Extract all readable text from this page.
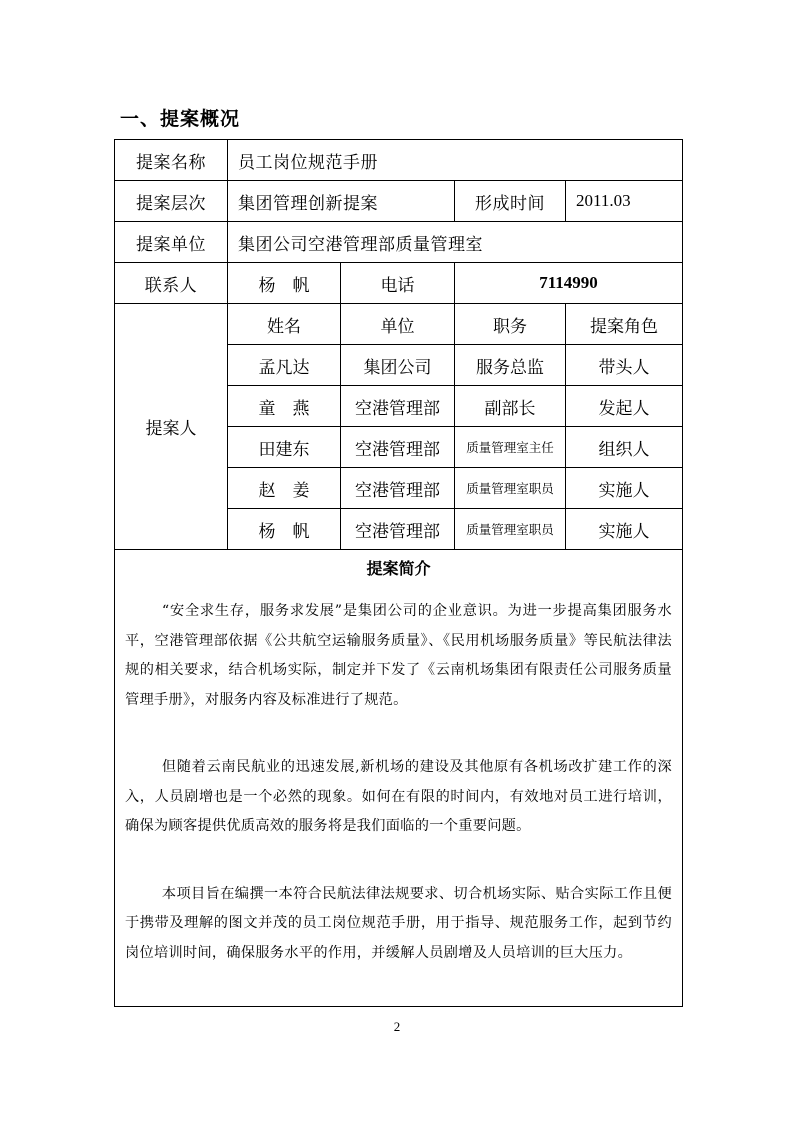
一、提案概况
提案名称	员工岗位规范手册			
提案层次	集团管理创新提案		形成时间	2011.03
提案单位	集团公司空港管理部质量管理室			
联系人	杨　帆	电话	7114990	
提案人	姓名	单位	职务	提案角色
	孟凡达	集团公司	服务总监	带头人
	童　燕	空港管理部	副部长	发起人
	田建东	空港管理部	质量管理室主任	组织人
	赵　姜	空港管理部	质量管理室职员	实施人
	杨　帆	空港管理部	质量管理室职员	实施人

提案简介

“安全求生存，服务求发展”是集团公司的企业意识。为进一步提高集团服务水平，空港管理部依据《公共航空运输服务质量》、《民用机场服务质量》等民航法律法规的相关要求，结合机场实际，制定并下发了《云南机场集团有限责任公司服务质量管理手册》，对服务内容及标准进行了规范。

但随着云南民航业的迅速发展,新机场的建设及其他原有各机场改扩建工作的深入，人员剧增也是一个必然的现象。如何在有限的时间内，有效地对员工进行培训，确保为顾客提供优质高效的服务将是我们面临的一个重要问题。

本项目旨在编撰一本符合民航法律法规要求、切合机场实际、贴合实际工作且便于携带及理解的图文并茂的员工岗位规范手册，用于指导、规范服务工作，起到节约岗位培训时间，确保服务水平的作用，并缓解人员剧增及人员培训的巨大压力。				

2
